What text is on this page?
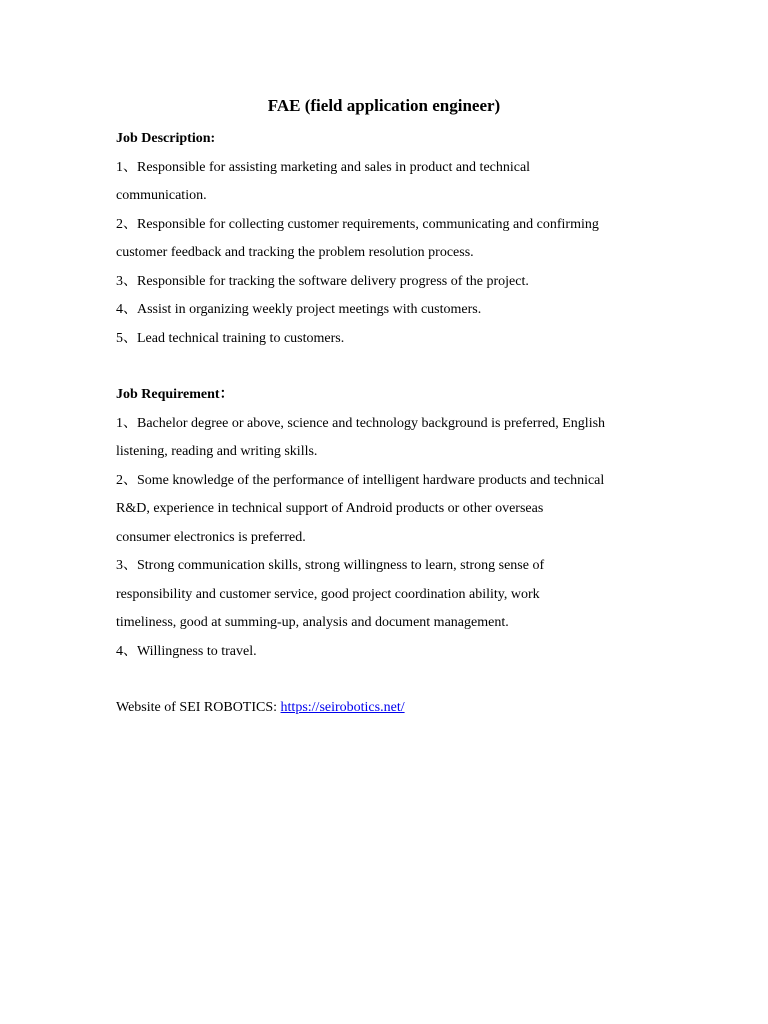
FAE (field application engineer)
Job Description:
1、Responsible for assisting marketing and sales in product and technical
communication.
2、Responsible for collecting customer requirements, communicating and confirming
customer feedback and tracking the problem resolution process.
3、Responsible for tracking the software delivery progress of the project.
4、Assist in organizing weekly project meetings with customers.
5、Lead technical training to customers.
Job Requirement：
1、Bachelor degree or above, science and technology background is preferred, English
listening, reading and writing skills.
2、Some knowledge of the performance of intelligent hardware products and technical
R&D, experience in technical support of Android products or other overseas
consumer electronics is preferred.
3、Strong communication skills, strong willingness to learn, strong sense of
responsibility and customer service, good project coordination ability, work
timeliness, good at summing-up, analysis and document management.
4、Willingness to travel.
Website of SEI ROBOTICS: https://seirobotics.net/
